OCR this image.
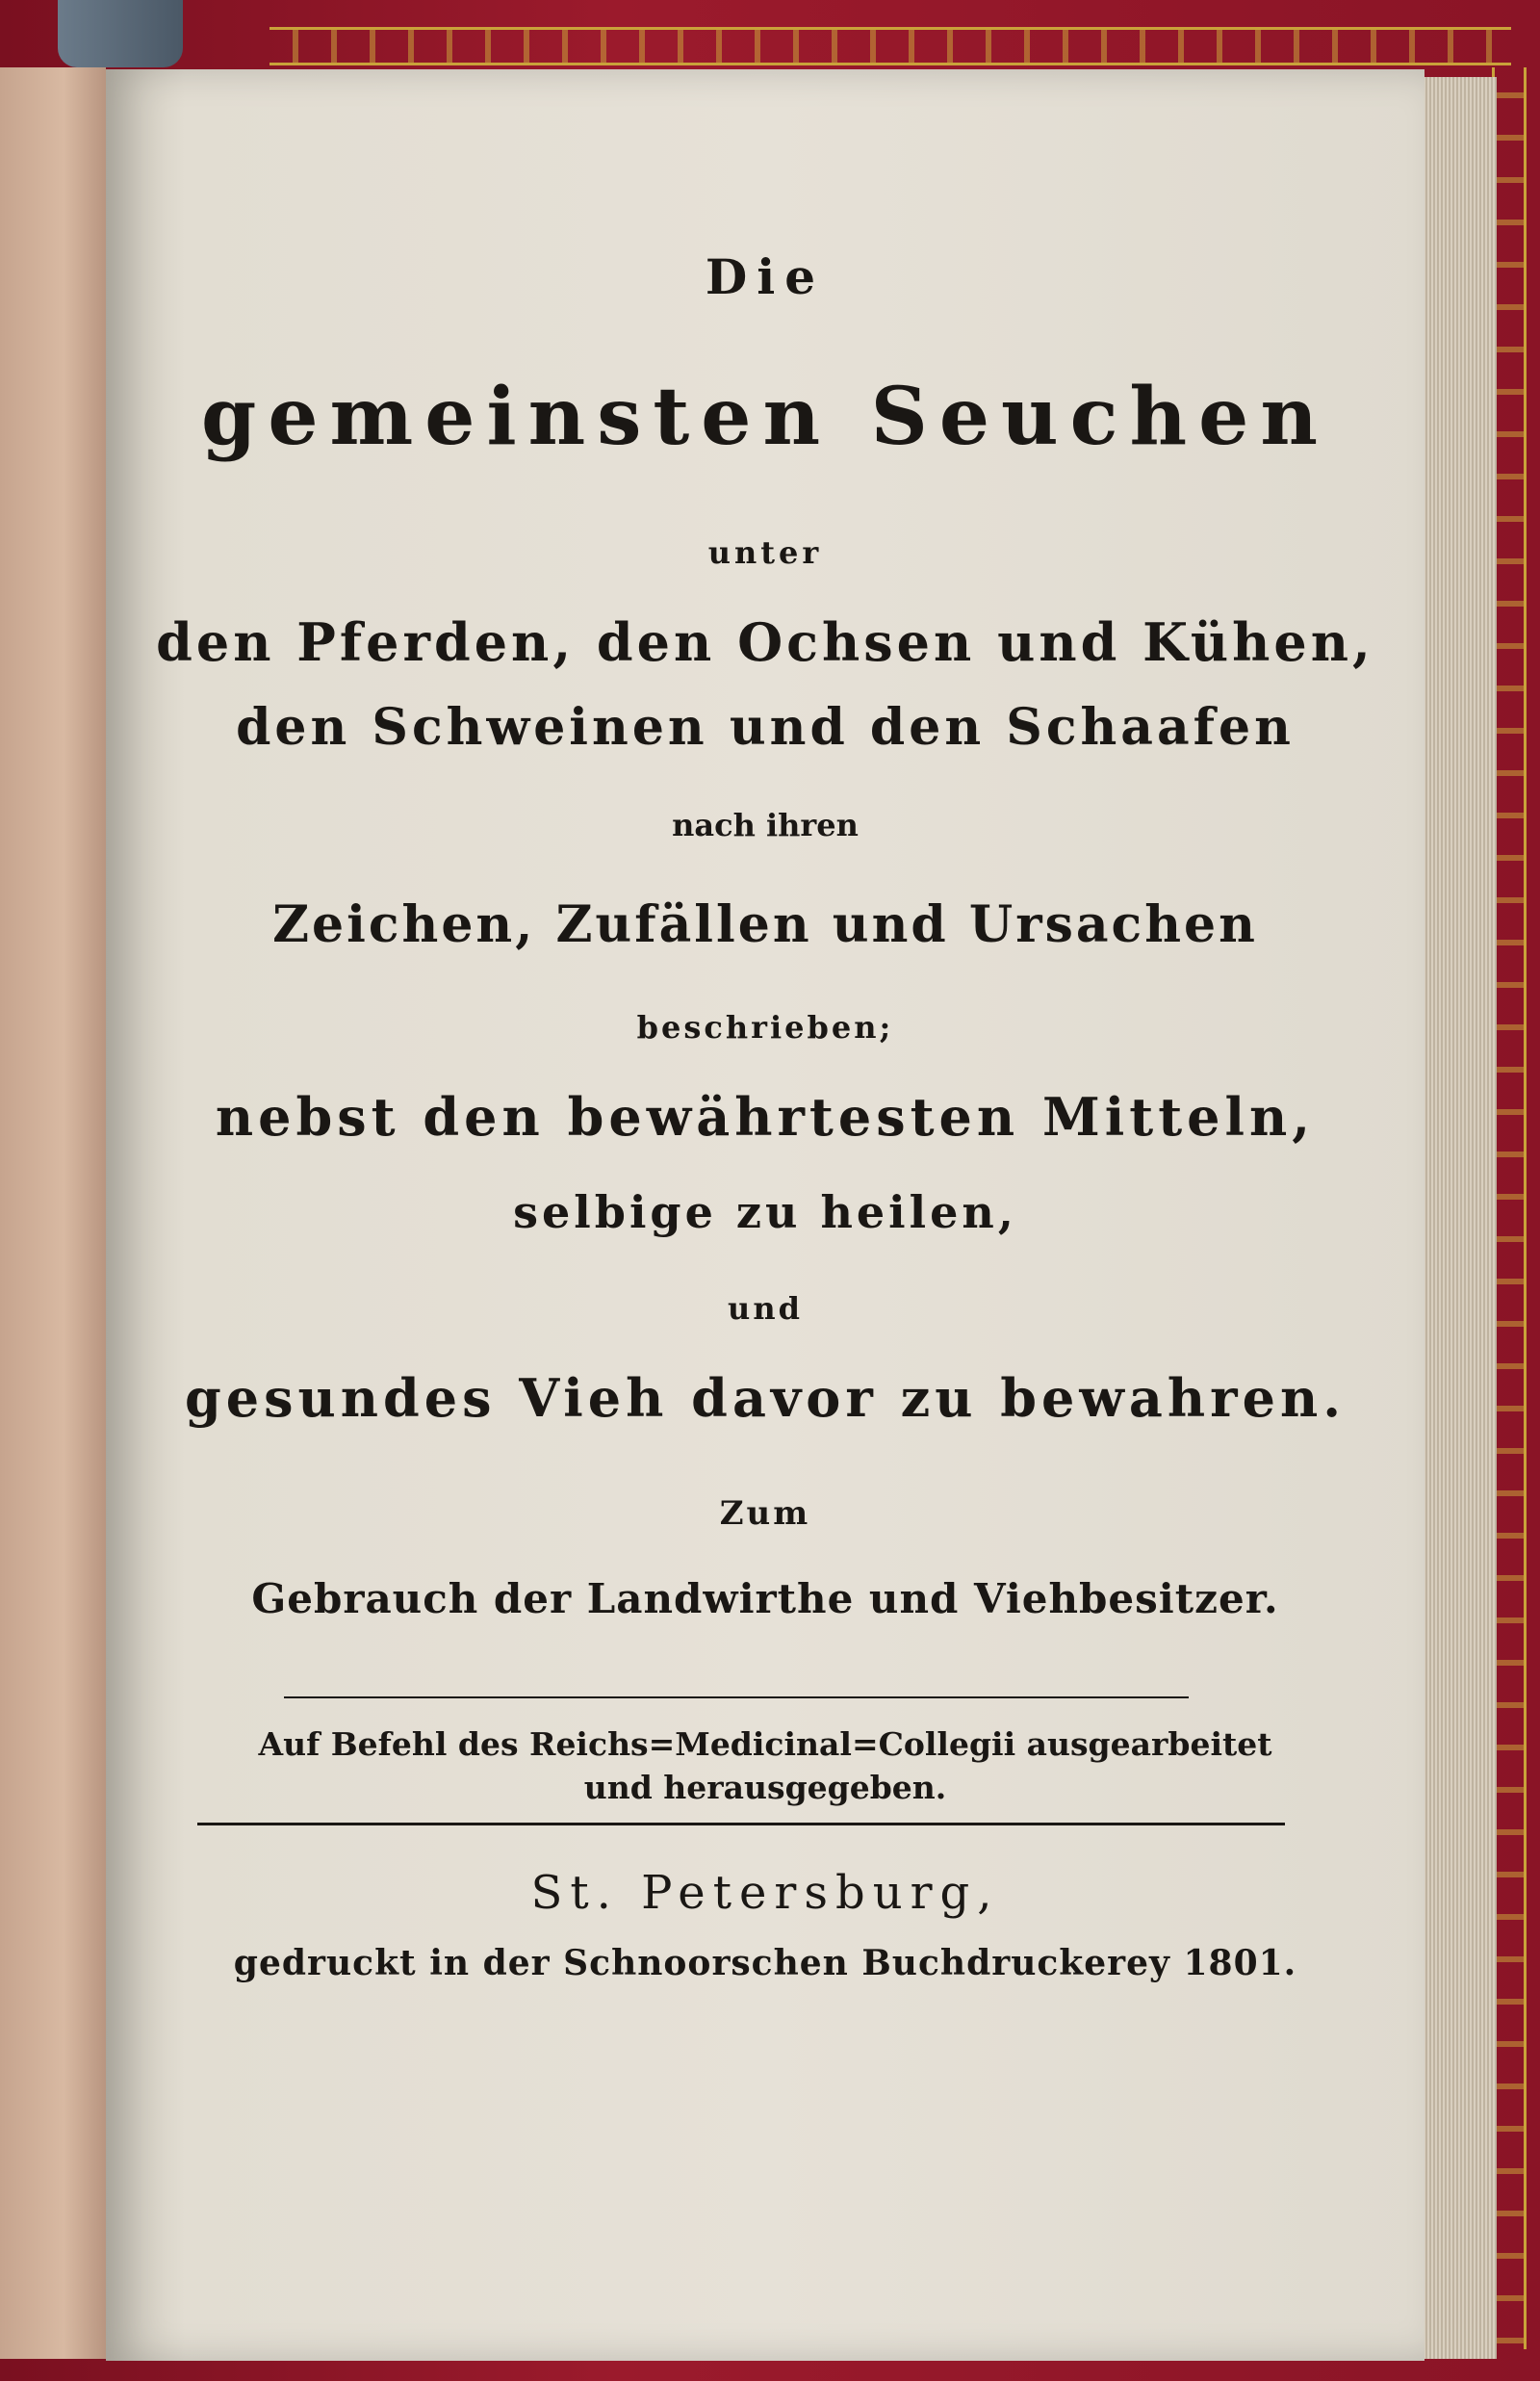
Die
gemeinsten Seuchen
unter
den Pferden, den Ochsen und Kühen,
den Schweinen und den Schaafen
nach ihren
Zeichen, Zufällen und Ursachen
beschrieben;
nebst den bewährtesten Mitteln,
selbige zu heilen,
und
gesundes Vieh davor zu bewahren.
Zum
Gebrauch der Landwirthe und Viehbesitzer.
Auf Befehl des Reichs=Medicinal=Collegii ausgearbeitet
und herausgegeben.
St. Petersburg,
gedruckt in der Schnoorschen Buchdruckerey 1801.
